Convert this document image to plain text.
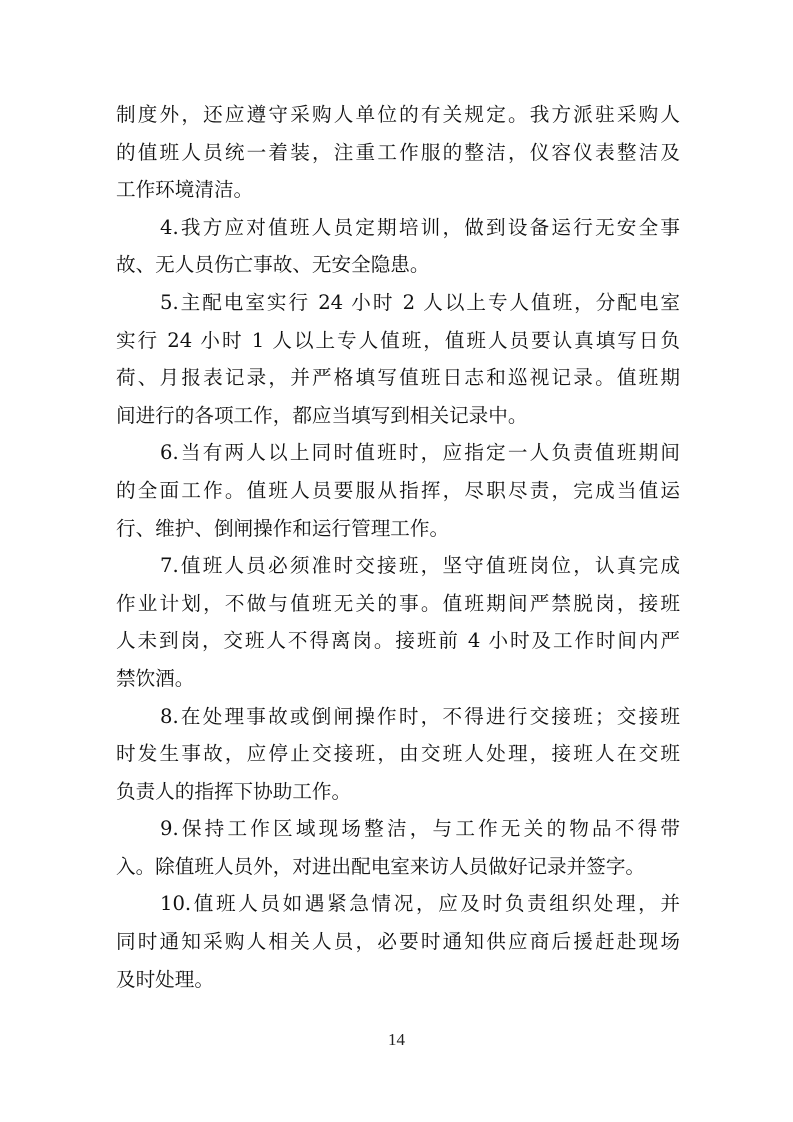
制度外，还应遵守采购人单位的有关规定。我方派驻采购人
的值班人员统一着装，注重工作服的整洁，仪容仪表整洁及
工作环境清洁。
4.我方应对值班人员定期培训，做到设备运行无安全事
故、无人员伤亡事故、无安全隐患。
5.主配电室实行 24 小时 2 人以上专人值班，分配电室
实行 24 小时 1 人以上专人值班，值班人员要认真填写日负
荷、月报表记录，并严格填写值班日志和巡视记录。值班期
间进行的各项工作，都应当填写到相关记录中。
6.当有两人以上同时值班时，应指定一人负责值班期间
的全面工作。值班人员要服从指挥，尽职尽责，完成当值运
行、维护、倒闸操作和运行管理工作。
7.值班人员必须准时交接班，坚守值班岗位，认真完成
作业计划，不做与值班无关的事。值班期间严禁脱岗，接班
人未到岗，交班人不得离岗。接班前 4 小时及工作时间内严
禁饮酒。
8.在处理事故或倒闸操作时，不得进行交接班；交接班
时发生事故，应停止交接班，由交班人处理，接班人在交班
负责人的指挥下协助工作。
9.保持工作区域现场整洁，与工作无关的物品不得带
入。除值班人员外，对进出配电室来访人员做好记录并签字。
10.值班人员如遇紧急情况，应及时负责组织处理，并
同时通知采购人相关人员，必要时通知供应商后援赶赴现场
及时处理。
14
